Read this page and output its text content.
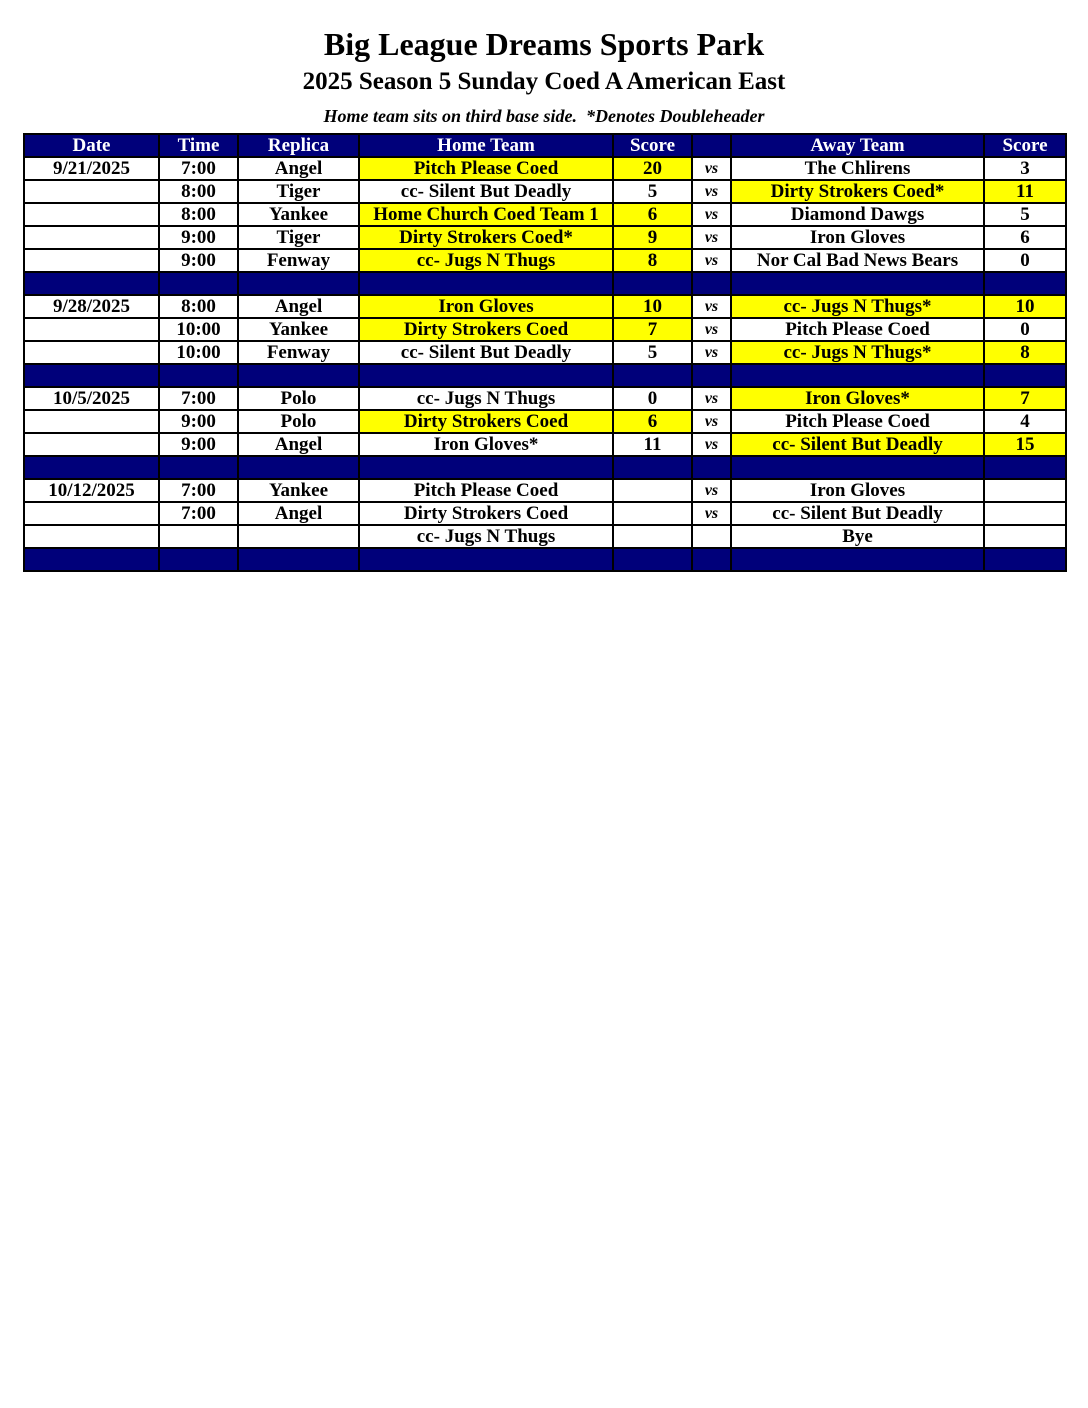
Big League Dreams Sports Park
2025 Season 5 Sunday Coed A American East
Home team sits on third base side.  *Denotes Doubleheader
Date	Time	Replica	Home Team	Score		Away Team	Score
9/21/2025	7:00	Angel	Pitch Please Coed	20	vs	The Chlirens	3
	8:00	Tiger	cc- Silent But Deadly	5	vs	Dirty Strokers Coed*	11
	8:00	Yankee	Home Church Coed Team 1	6	vs	Diamond Dawgs	5
	9:00	Tiger	Dirty Strokers Coed*	9	vs	Iron Gloves	6
	9:00	Fenway	cc- Jugs N Thugs	8	vs	Nor Cal Bad News Bears	0

9/28/2025	8:00	Angel	Iron Gloves	10	vs	cc- Jugs N Thugs*	10
	10:00	Yankee	Dirty Strokers Coed	7	vs	Pitch Please Coed	0
	10:00	Fenway	cc- Silent But Deadly	5	vs	cc- Jugs N Thugs*	8

10/5/2025	7:00	Polo	cc- Jugs N Thugs	0	vs	Iron Gloves*	7
	9:00	Polo	Dirty Strokers Coed	6	vs	Pitch Please Coed	4
	9:00	Angel	Iron Gloves*	11	vs	cc- Silent But Deadly	15

10/12/2025	7:00	Yankee	Pitch Please Coed		vs	Iron Gloves	
	7:00	Angel	Dirty Strokers Coed		vs	cc- Silent But Deadly	
			cc- Jugs N Thugs			Bye	
